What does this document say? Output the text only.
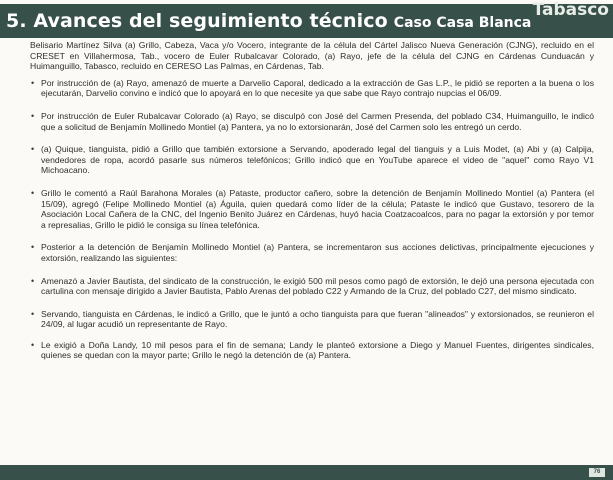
5. Avances del seguimiento técnico Caso Casa Blanca
Tabasco

Belisario Martínez Silva (a) Grillo, Cabeza, Vaca y/o Vocero, integrante de la célula del Cártel Jalisco Nueva Generación (CJNG), recluido en el CRESET en Villahermosa, Tab., vocero de Euler Rubalcavar Colorado, (a) Rayo, jefe de la célula del CJNG en Cárdenas Cunduacán y Huimanguillo, Tabasco, recluido en CERESO Las Palmas, en Cárdenas, Tab.

• Por instrucción de (a) Rayo, amenazó de muerte a Darvelio Caporal, dedicado a la extracción de Gas L.P., le pidió se reporten a la buena o los ejecutarán, Darvelio convino e indicó que lo apoyará en lo que necesite ya que sabe que Rayo contrajo nupcias el 06/09.
• Por instrucción de Euler Rubalcavar Colorado (a) Rayo, se disculpó con José del Carmen Presenda, del poblado C34, Huimanguillo, le indicó que a solicitud de Benjamín Mollinedo Montiel (a) Pantera, ya no lo extorsionarán, José del Carmen solo les entregó un cerdo.
• (a) Quique, tianguista, pidió a Grillo que también extorsione a Servando, apoderado legal del tianguis y a Luis Modet, (a) Abi y (a) Calpija, vendedores de ropa, acordó pasarle sus números telefónicos; Grillo indicó que en YouTube aparece el video de "aquel" como Rayo V1 Michoacano.
• Grillo le comentó a Raúl Barahona Morales (a) Pataste, productor cañero, sobre la detención de Benjamín Mollinedo Montiel (a) Pantera (el 15/09), agregó (Felipe Mollinedo Montiel (a) Águila, quien quedará como líder de la célula; Pataste le indicó que Gustavo, tesorero de la Asociación Local Cañera de la CNC, del Ingenio Benito Juárez en Cárdenas, huyó hacia Coatzacoalcos, para no pagar la extorsión y por temor a represalias, Grillo le pidió le consiga su línea telefónica.
• Posterior a la detención de Benjamín Mollinedo Montiel (a) Pantera, se incrementaron sus acciones delictivas, principalmente ejecuciones y extorsión, realizando las siguientes:
• Amenazó a Javier Bautista, del sindicato de la construcción, le exigió 500 mil pesos como pagó de extorsión, le dejó una persona ejecutada con cartulina con mensaje dirigido a Javier Bautista, Pablo Arenas del poblado C22 y Armando de la Cruz, del poblado C27, del mismo sindicato.
• Servando, tianguista en Cárdenas, le indicó a Grillo, que le juntó a ocho tianguista para que fueran "alineados" y extorsionados, se reunieron el 24/09, al lugar acudió un representante de Rayo.
• Le exigió a Doña Landy, 10 mil pesos para el fin de semana; Landy le planteó extorsione a Diego y Manuel Fuentes, dirigentes sindicales, quienes se quedan con la mayor parte; Grillo le negó la detención de (a) Pantera.
76
